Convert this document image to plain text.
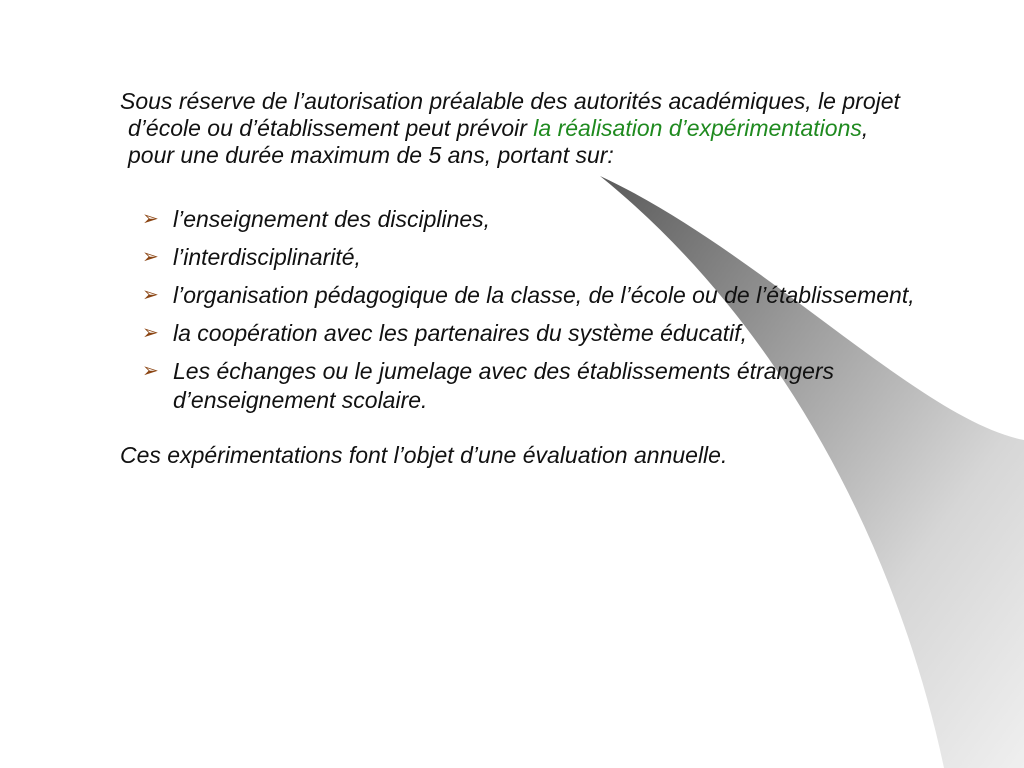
Sous réserve de l’autorisation préalable des autorités académiques, le projet d’école ou d’établissement peut prévoir la réalisation d’expérimentations, pour une durée maximum de 5 ans, portant sur:

➢ l’enseignement des disciplines,
➢ l’interdisciplinarité,
➢ l’organisation pédagogique de la classe, de l’école ou de l’établissement,
➢ la coopération avec les partenaires du système éducatif,
➢ Les échanges ou le jumelage avec des établissements étrangers d’enseignement scolaire.

Ces expérimentations font l’objet d’une évaluation annuelle.
